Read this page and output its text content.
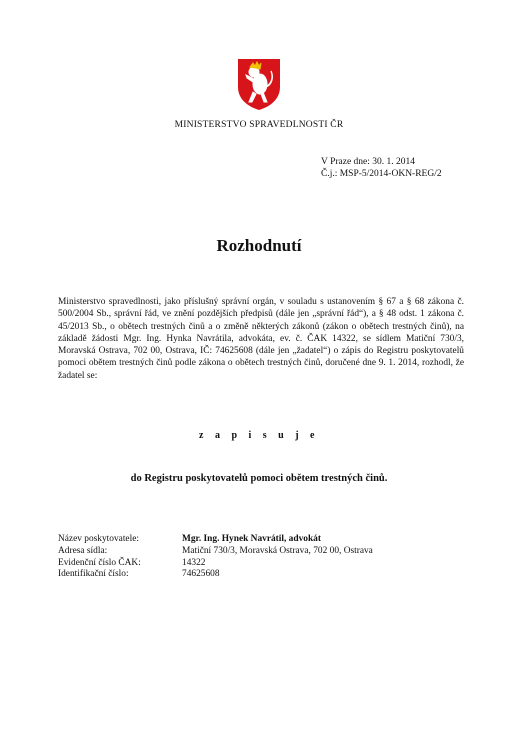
MINISTERSTVO SPRAVEDLNOSTI ČR
V Praze dne: 30. 1. 2014
Č.j.: MSP-5/2014-OKN-REG/2
Rozhodnutí
Ministerstvo spravedlnosti, jako příslušný správní orgán, v souladu s ustanovením § 67 a § 68 zákona č. 500/2004 Sb., správní řád, ve znění pozdějších předpisů (dále jen „správní řád“), a § 48 odst. 1 zákona č. 45/2013 Sb., o obětech trestných činů a o změně některých zákonů (zákon o obětech trestných činů), na základě žádosti Mgr. Ing. Hynka Navrátila, advokáta, ev. č. ČAK 14322, se sídlem Matiční 730/3, Moravská Ostrava, 702 00, Ostrava, IČ: 74625608 (dále jen „žadatel“) o zápis do Registru poskytovatelů pomoci obětem trestných činů podle zákona o obětech trestných činů, doručené dne 9. 1. 2014, rozhodl, že žadatel se:
z a p i s u j e
do Registru poskytovatelů pomoci obětem trestných činů.
Název poskytovatele:	Mgr. Ing. Hynek Navrátil, advokát
Adresa sídla:	Matiční 730/3, Moravská Ostrava, 702 00, Ostrava
Evidenční číslo ČAK:	14322
Identifikační číslo:	74625608
